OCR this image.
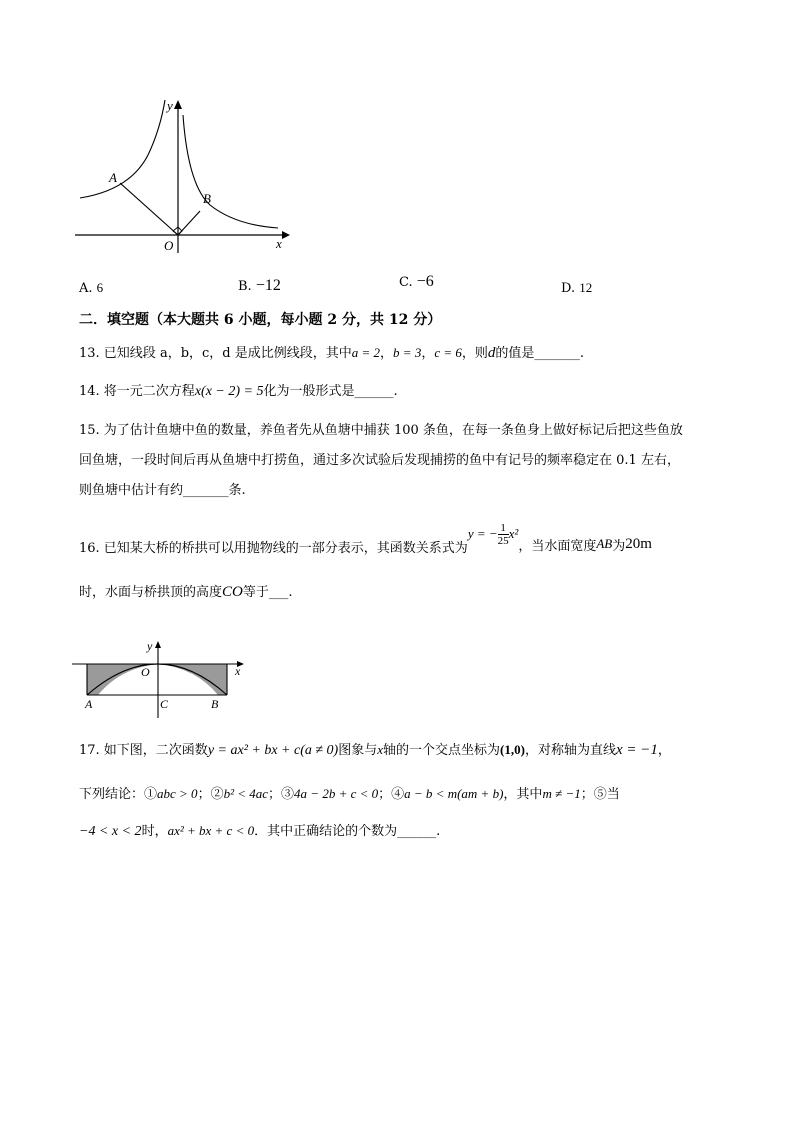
y
x
O
A
B
A. 6	B. −12	C. −6	D. 12
二．填空题（本大题共 6 小题，每小题 2 分，共 12 分）
13. 已知线段 a，b，c，d 是成比例线段，其中a = 2，b = 3，c = 6，则d的值是_______.
14. 将一元二次方程x(x − 2) = 5化为一般形式是______.
15. 为了估计鱼塘中鱼的数量，养鱼者先从鱼塘中捕获 100 条鱼，在每一条鱼身上做好标记后把这些鱼放
回鱼塘，一段时间后再从鱼塘中打捞鱼，通过多次试验后发现捕捞的鱼中有记号的频率稳定在 0.1 左右，
则鱼塘中估计有约_______条.
16. 已知某大桥的桥拱可以用抛物线的一部分表示，其函数关系式为y = − $\frac{1}{25} x^2$，当水面宽度AB为20m
时，水面与桥拱顶的高度CO等于___.
y
x
O
A	C	B
17. 如下图，二次函数y = ax² + bx + c(a ≠ 0)图象与x轴的一个交点坐标为(1,0)，对称轴为直线x = −1，
下列结论：①abc > 0；②b² < 4ac；③4a − 2b + c < 0；④a − b < m(am + b)，其中m ≠ −1；⑤当
−4 < x < 2时，ax² + bx + c < 0．其中正确结论的个数为______.
